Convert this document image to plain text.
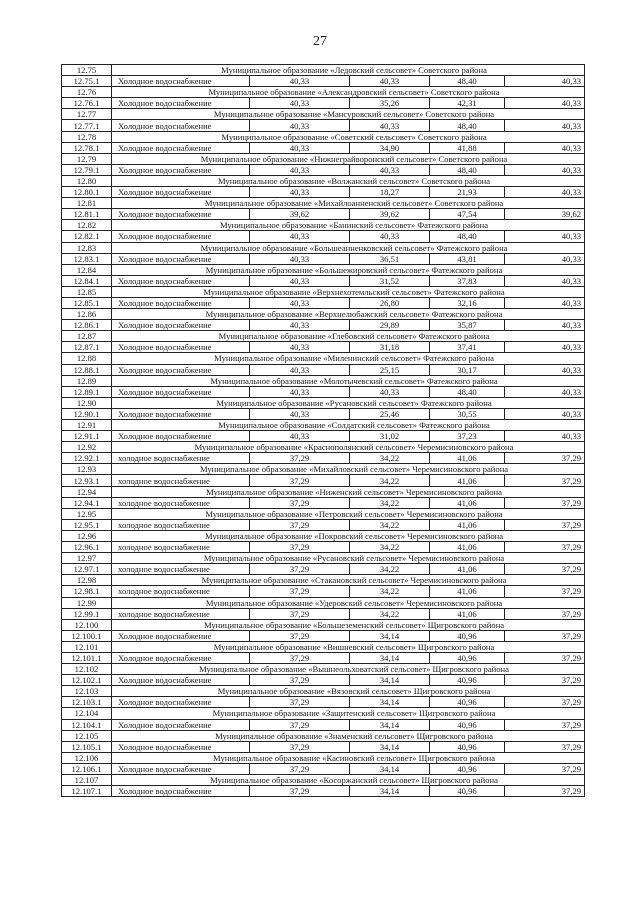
27
12.75	Муниципальное образование «Ледовский сельсовет» Советского района				
12.75.1	Холодное водоснабжение	40,33	40,33	48,40	40,33
12.76	Муниципальное образование «Александровский сельсовет» Советского района				
12.76.1	Холодное водоснабжение	40,33	35,26	42,31	40,33
12.77	Муниципальное образование «Мансуровский сельсовет» Советского района				
12.77.1	Холодное водоснабжение	40,33	40,33	48,40	40,33
12.78	Муниципальное образование «Советский сельсовет» Советского района				
12.78.1	Холодное водоснабжение	40,33	34,90	41,88	40,33
12.79	Муниципальное образование «Нижнеграйворонский сельсовет» Советского района				
12.79.1	Холодное водоснабжение	40,33	40,33	48,40	40,33
12.80	Муниципальное образование «Волжанский сельсовет» Советского района				
12.80.1	Холодное водоснабжение	40,33	18,27	21,93	40,33
12.81	Муниципальное образование «Михайлоанненский сельсовет» Советского района				
12.81.1	Холодное водоснабжение	39,62	39,62	47,54	39,62
12.82	Муниципальное образование «Банинский сельсовет» Фатежского района				
12.82.1	Холодное водоснабжение	40,33	40,33	48,40	40,33
12.83	Муниципальное образование «Большеанненковский сельсовет» Фатежского района				
12.83.1	Холодное водоснабжение	40,33	36,51	43,81	40,33
12.84	Муниципальное образование «Большежировский сельсовет» Фатежского района				
12.84.1	Холодное водоснабжение	40,33	31,52	37,83	40,33
12.85	Муниципальное образование «Верхнехотемльский сельсовет» Фатежского района				
12.85.1	Холодное водоснабжение	40,33	26,80	32,16	40,33
12.86	Муниципальное образование «Верхнелюбажский сельсовет» Фатежского района				
12.86.1	Холодное водоснабжение	40,33	29,89	35,87	40,33
12.87	Муниципальное образование «Глебовский сельсовет» Фатежского района				
12.87.1	Холодное водоснабжение	40,33	31,18	37,41	40,33
12.88	Муниципальное образование «Миленинский сельсовет» Фатежского района				
12.88.1	Холодное водоснабжение	40,33	25,15	30,17	40,33
12.89	Муниципальное образование «Молотычевский сельсовет» Фатежского района				
12.89.1	Холодное водоснабжение	40,33	40,33	48,40	40,33
12.90	Муниципальное образование «Русановский сельсовет» Фатежского района				
12.90.1	Холодное водоснабжение	40,33	25,46	30,55	40,33
12.91	Муниципальное образование «Солдатский сельсовет» Фатежского района				
12.91.1	Холодное водоснабжение	40,33	31,02	37,23	40,33
12.92	Муниципальное образование «Краснополянский сельсовет» Черемисиновского района				
12.92.1	холодное водоснабжение	37,29	34,22	41,06	37,29
12.93	Муниципальное образование «Михайловский сельсовет» Черемисиновского района				
12.93.1	холодное водоснабжение	37,29	34,22	41,06	37,29
12.94	Муниципальное образование «Ниженский сельсовет» Черемисиновского района				
12.94.1	холодное водоснабжение	37,29	34,22	41,06	37,29
12.95	Муниципальное образование «Петровский сельсовет» Черемисиновского района				
12.95.1	холодное водоснабжение	37,29	34,22	41,06	37,29
12.96	Муниципальное образование «Покровский сельсовет» Черемисиновского района				
12.96.1	холодное водоснабжение	37,29	34,22	41,06	37,29
12.97	Муниципальное образование «Русановский сельсовет» Черемисиновского района				
12.97.1	холодное водоснабжение	37,29	34,22	41,06	37,29
12.98	Муниципальное образование «Стакановский сельсовет» Черемисиновского района				
12.98.1	холодное водоснабжение	37,29	34,22	41,06	37,29
12.99	Муниципальное образование «Удеровский сельсовет» Черемисиновского района				
12.99.1	холодное водоснабжение	37,29	34,22	41,06	37,29
12.100	Муниципальное образование «Большеземенский сельсовет» Щигровского района				
12.100.1	Холодное водоснабжение	37,29	34,14	40,96	37,29
12.101	Муниципальное образование «Вишневский сельсовет» Щигровского района				
12.101.1	Холодное водоснабжение	37,29	34,14	40,96	37,29
12.102	Муниципальное образование «Вышнеольховатский сельсовет» Щигровского района				
12.102.1	Холодное водоснабжение	37,29	34,14	40,96	37,29
12.103	Муниципальное образование «Вязовский сельсовет» Щигровского района				
12.103.1	Холодное водоснабжение	37,29	34,14	40,96	37,29
12.104	Муниципальное образование «Защитенский сельсовет» Щигровского района				
12.104.1	Холодное водоснабжение	37,29	34,14	40,96	37,29
12.105	Муниципальное образование «Знаменский сельсовет» Щигровского района				
12.105.1	Холодное водоснабжение	37,29	34,14	40,96	37,29
12.106	Муниципальное образование «Касиновский сельсовет» Щигровского района				
12.106.1	Холодное водоснабжение	37,29	34,14	40,96	37,29
12.107	Муниципальное образование «Косоржанский сельсовет» Щигровского района				
12.107.1	Холодное водоснабжение	37,29	34,14	40,96	37,29
